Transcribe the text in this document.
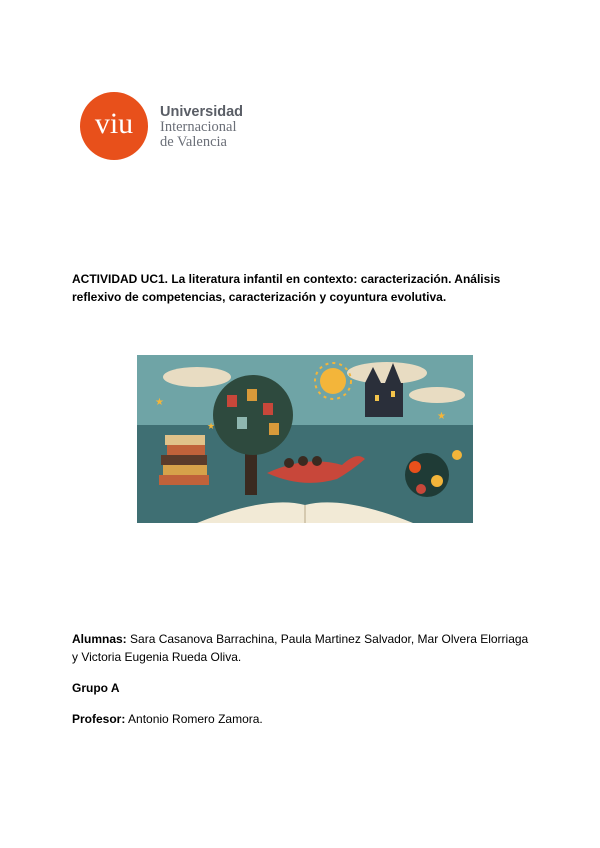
viu	Universidad
Internacional
de Valencia
ACTIVIDAD UC1. La literatura infantil en contexto: caracterización. Análisis reflexivo de competencias, caracterización y coyuntura evolutiva.
★
★
★
Alumnas: Sara Casanova Barrachina, Paula Martinez Salvador, Mar Olvera Elorriaga y Victoria Eugenia Rueda Oliva.
Grupo A
Profesor: Antonio Romero Zamora.
